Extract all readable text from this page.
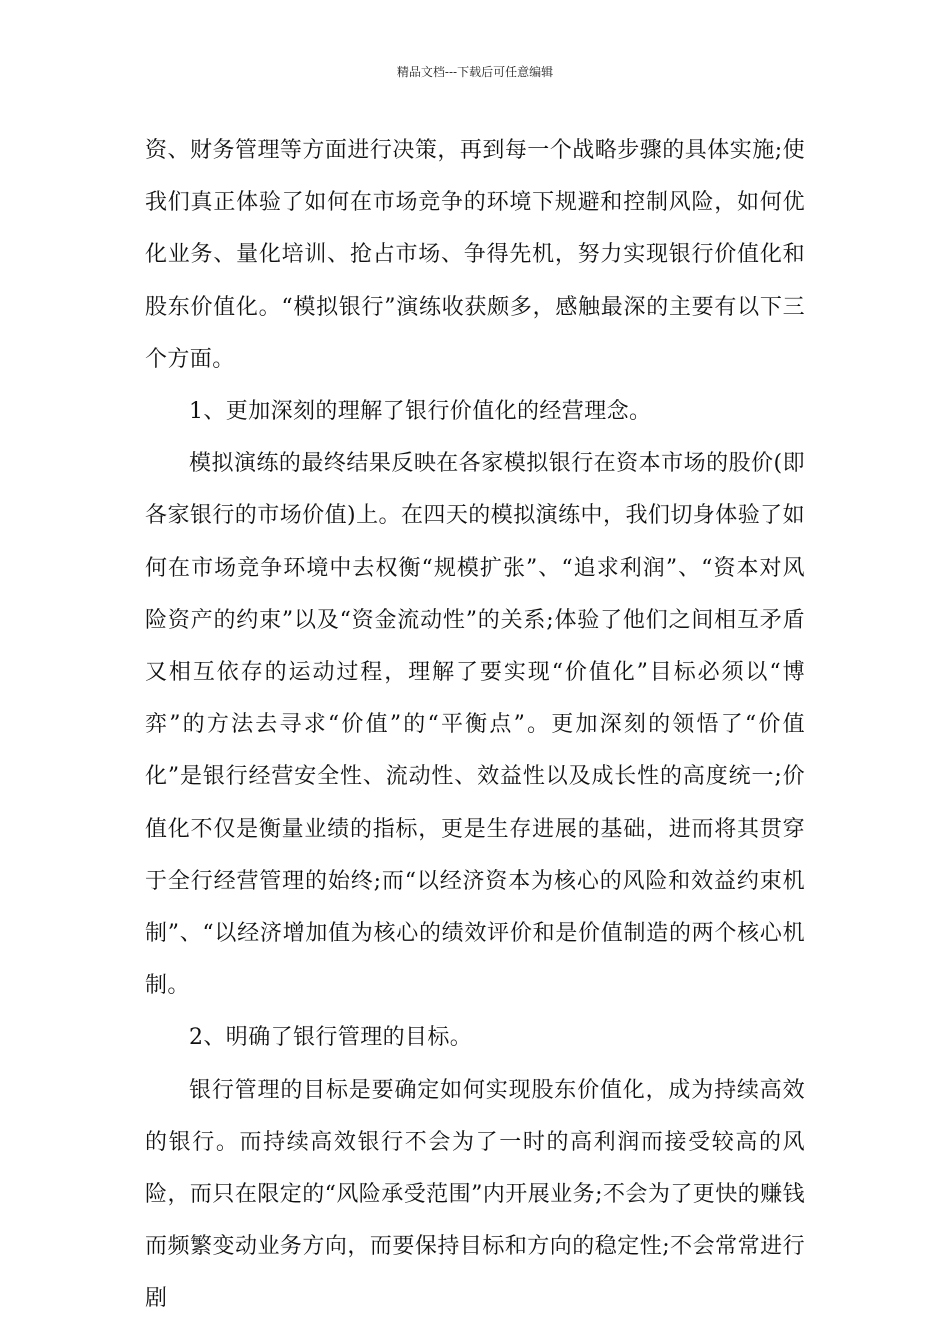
精品文档---下载后可任意编辑

资、财务管理等方面进行决策，再到每一个战略步骤的具体实施;使我们真正体验了如何在市场竞争的环境下规避和控制风险，如何优化业务、量化培训、抢占市场、争得先机，努力实现银行价值化和股东价值化。“模拟银行”演练收获颇多，感触最深的主要有以下三个方面。

1、更加深刻的理解了银行价值化的经营理念。

模拟演练的最终结果反映在各家模拟银行在资本市场的股价(即各家银行的市场价值)上。在四天的模拟演练中，我们切身体验了如何在市场竞争环境中去权衡“规模扩张”、“追求利润”、“资本对风险资产的约束”以及“资金流动性”的关系;体验了他们之间相互矛盾又相互依存的运动过程，理解了要实现“价值化”目标必须以“博弈”的方法去寻求“价值”的“平衡点”。更加深刻的领悟了“价值化”是银行经营安全性、流动性、效益性以及成长性的高度统一;价值化不仅是衡量业绩的指标，更是生存进展的基础，进而将其贯穿于全行经营管理的始终;而“以经济资本为核心的风险和效益约束机制”、“以经济增加值为核心的绩效评价和是价值制造的两个核心机制。

2、明确了银行管理的目标。

银行管理的目标是要确定如何实现股东价值化，成为持续高效的银行。而持续高效银行不会为了一时的高利润而接受较高的风险，而只在限定的“风险承受范围”内开展业务;不会为了更快的赚钱而频繁变动业务方向，而要保持目标和方向的稳定性;不会常常进行剧
